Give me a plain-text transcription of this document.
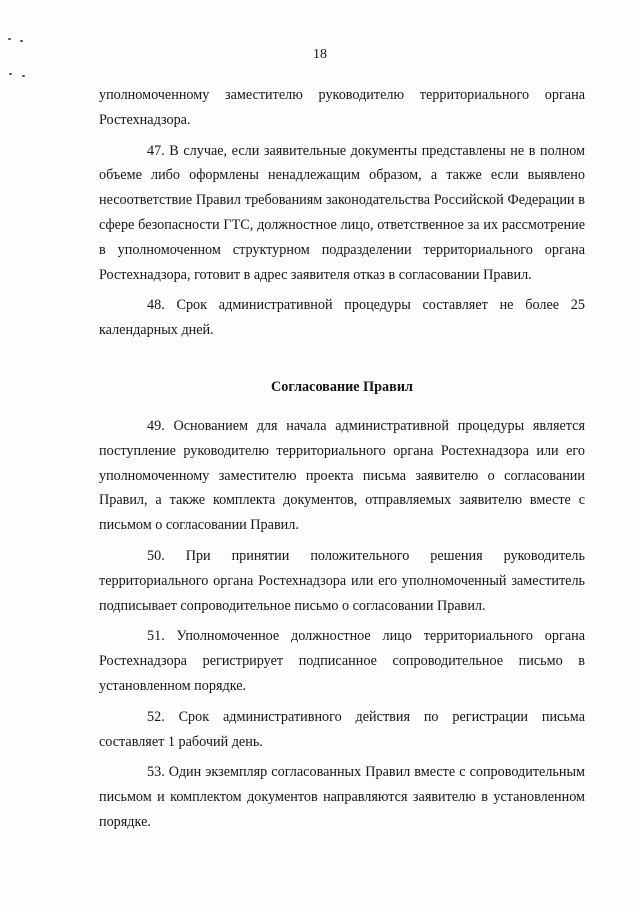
18

уполномоченному заместителю руководителю территориального органа Ростехнадзора.

47. В случае, если заявительные документы представлены не в полном объеме либо оформлены ненадлежащим образом, а также если выявлено несоответствие Правил требованиям законодательства Российской Федерации в сфере безопасности ГТС, должностное лицо, ответственное за их рассмотрение в уполномоченном структурном подразделении территориального органа Ростехнадзора, готовит в адрес заявителя отказ в согласовании Правил.

48. Срок административной процедуры составляет не более 25 календарных дней.

Согласование Правил

49. Основанием для начала административной процедуры является поступление руководителю территориального органа Ростехнадзора или его уполномоченному заместителю проекта письма заявителю о согласовании Правил, а также комплекта документов, отправляемых заявителю вместе с письмом о согласовании Правил.

50. При принятии положительного решения руководитель территориального органа Ростехнадзора или его уполномоченный заместитель подписывает сопроводительное письмо о согласовании Правил.

51. Уполномоченное должностное лицо территориального органа Ростехнадзора регистрирует подписанное сопроводительное письмо в установленном порядке.

52. Срок административного действия по регистрации письма составляет 1 рабочий день.

53. Один экземпляр согласованных Правил вместе с сопроводительным письмом и комплектом документов направляются заявителю в установленном порядке.
